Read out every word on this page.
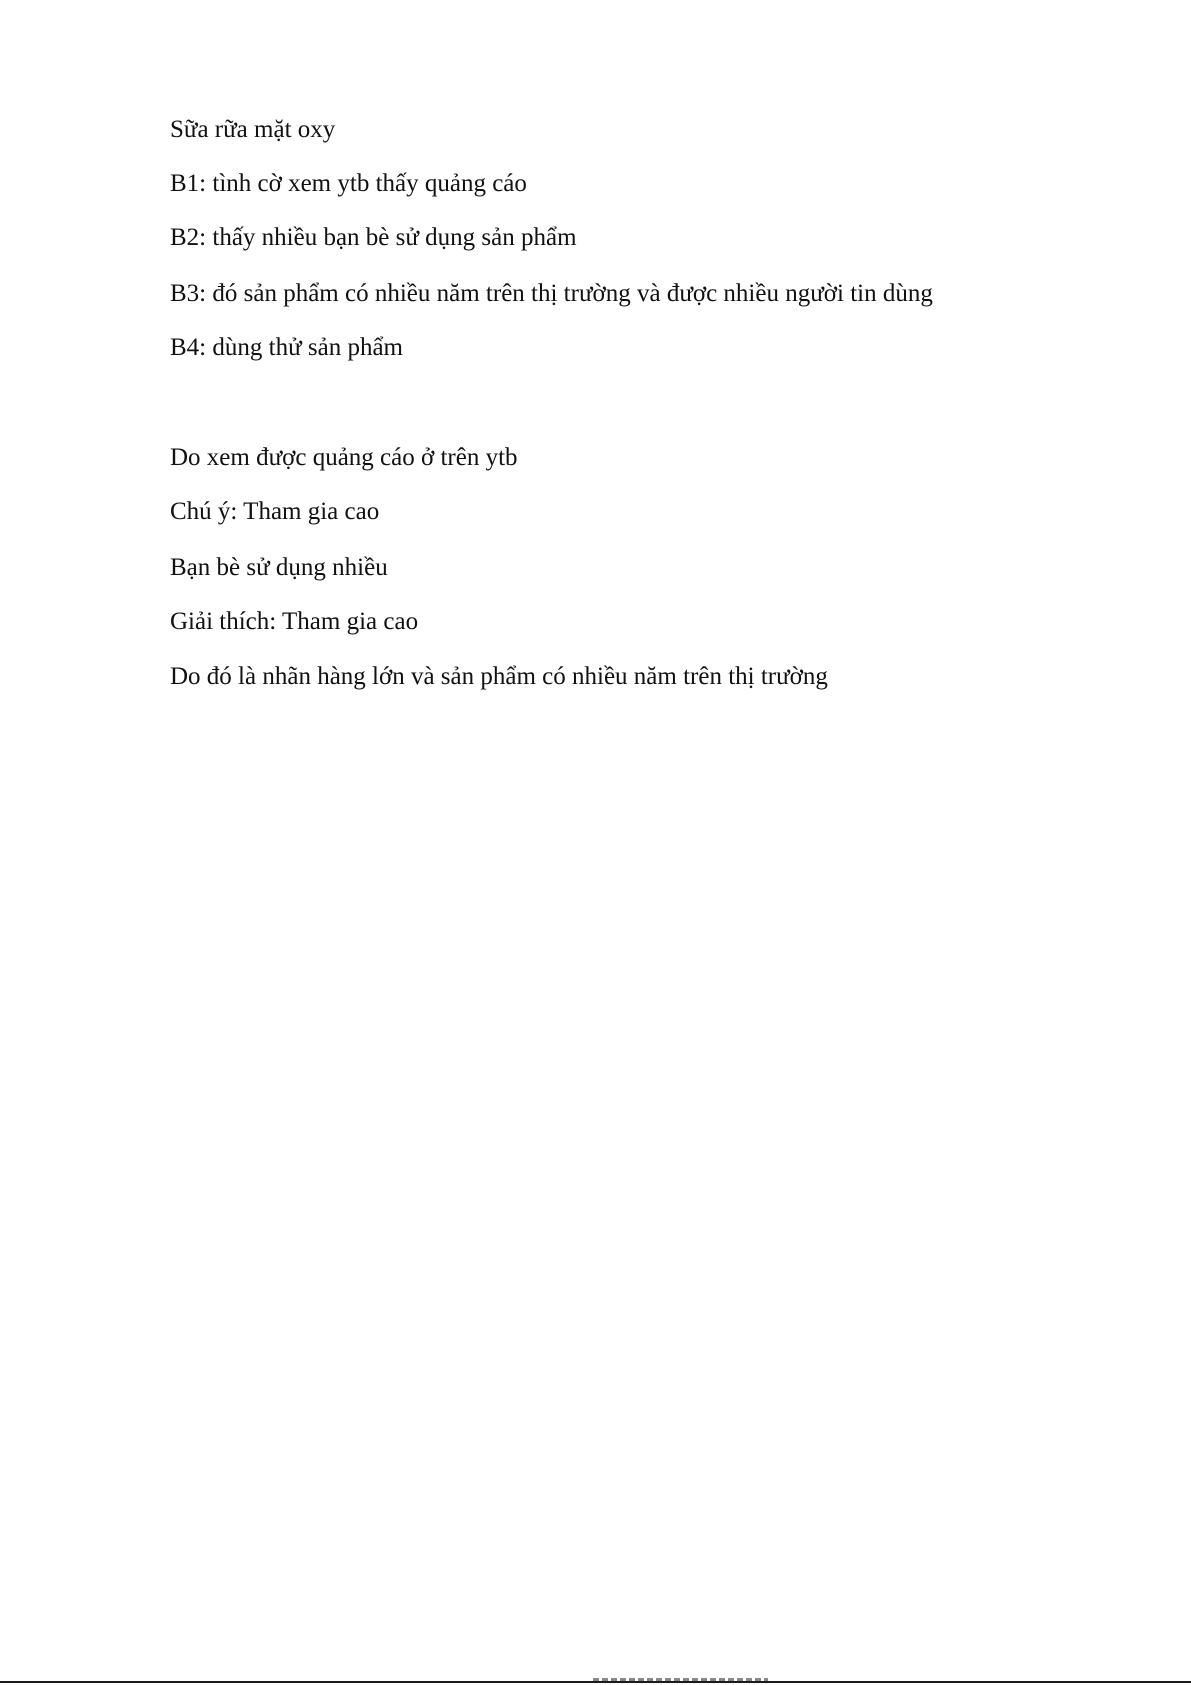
Sữa rữa mặt oxy
B1: tình cờ xem ytb thấy quảng cáo
B2: thấy nhiều bạn bè sử dụng sản phẩm
B3: đó sản phẩm có nhiều năm trên thị trường và được nhiều người tin dùng
B4: dùng thử sản phẩm
Do xem được quảng cáo ở trên ytb
Chú ý: Tham gia cao
Bạn bè sử dụng nhiều
Giải thích: Tham gia cao
Do đó là nhãn hàng lớn và sản phẩm có nhiều năm trên thị trường
